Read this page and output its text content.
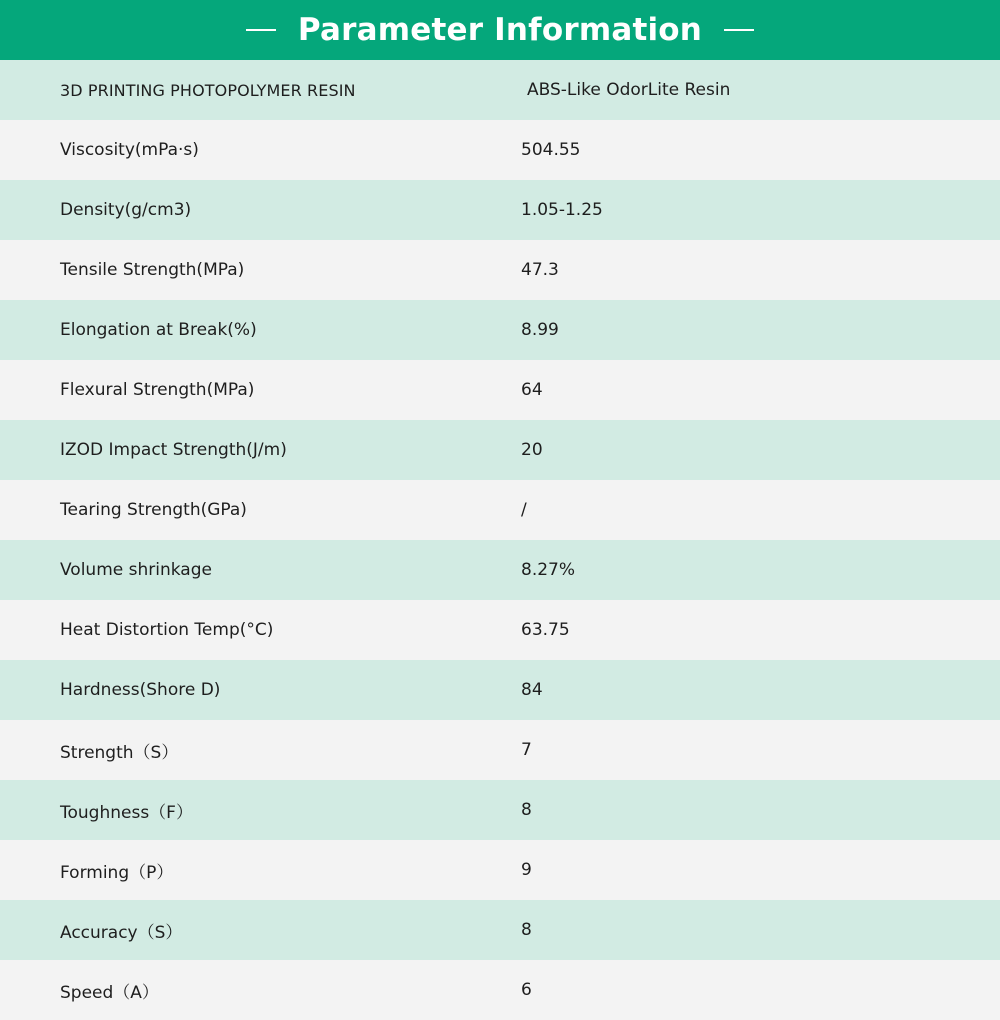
Parameter Information
3D PRINTING PHOTOPOLYMER RESIN	ABS-Like OdorLite Resin
Viscosity(mPa·s)	504.55
Density(g/cm3)	1.05-1.25
Tensile Strength(MPa)	47.3
Elongation at Break(%)	8.99
Flexural Strength(MPa)	64
IZOD Impact Strength(J/m)	20
Tearing Strength(GPa)	/
Volume shrinkage	8.27%
Heat Distortion Temp(°C)	63.75
Hardness(Shore D)	84
Strength（S）	7
Toughness（F）	8
Forming（P）	9
Accuracy（S）	8
Speed（A）	6
